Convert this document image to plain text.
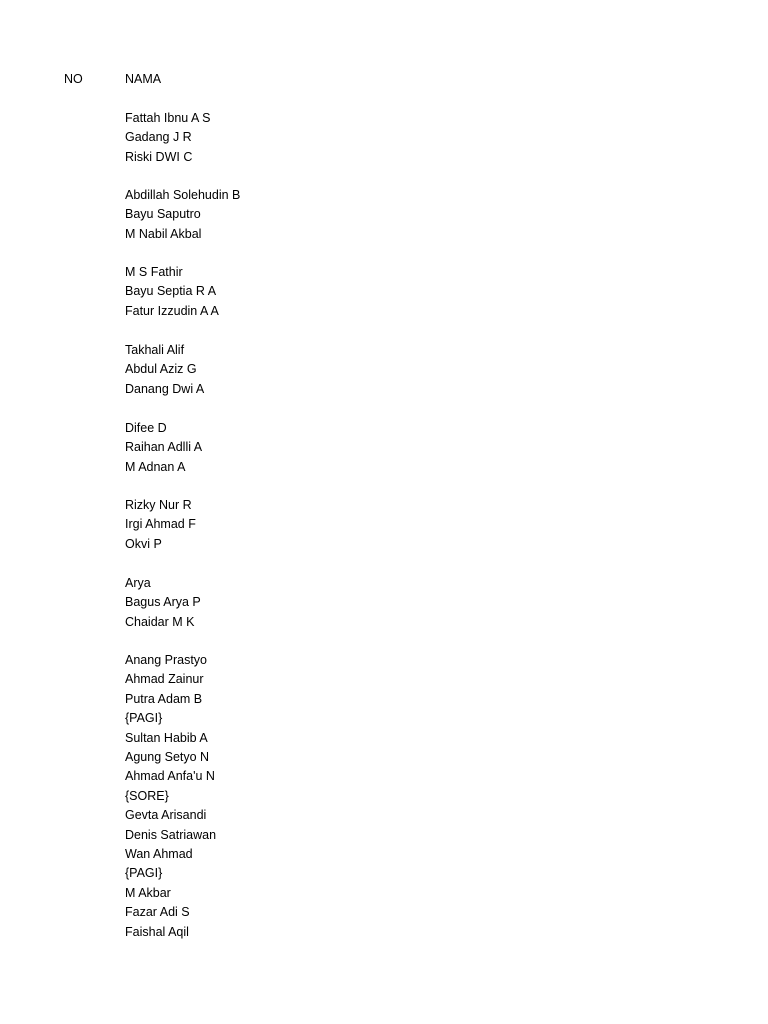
NO	NAMA
Fattah Ibnu A S
Gadang J R
Riski DWI C
Abdillah Solehudin B
Bayu Saputro
M Nabil Akbal
M S Fathir
Bayu Septia R A
Fatur Izzudin A A
Takhali Alif
Abdul Aziz G
Danang Dwi A
Difee D
Raihan Adlli A
M Adnan A
Rizky Nur R
Irgi Ahmad F
Okvi P
Arya
Bagus Arya P
Chaidar M K
Anang Prastyo
Ahmad Zainur
Putra Adam B
{PAGI}
Sultan Habib A
Agung Setyo N
Ahmad Anfa'u N
{SORE}
Gevta Arisandi
Denis Satriawan
Wan Ahmad
{PAGI}
M Akbar
Fazar Adi S
Faishal Aqil
